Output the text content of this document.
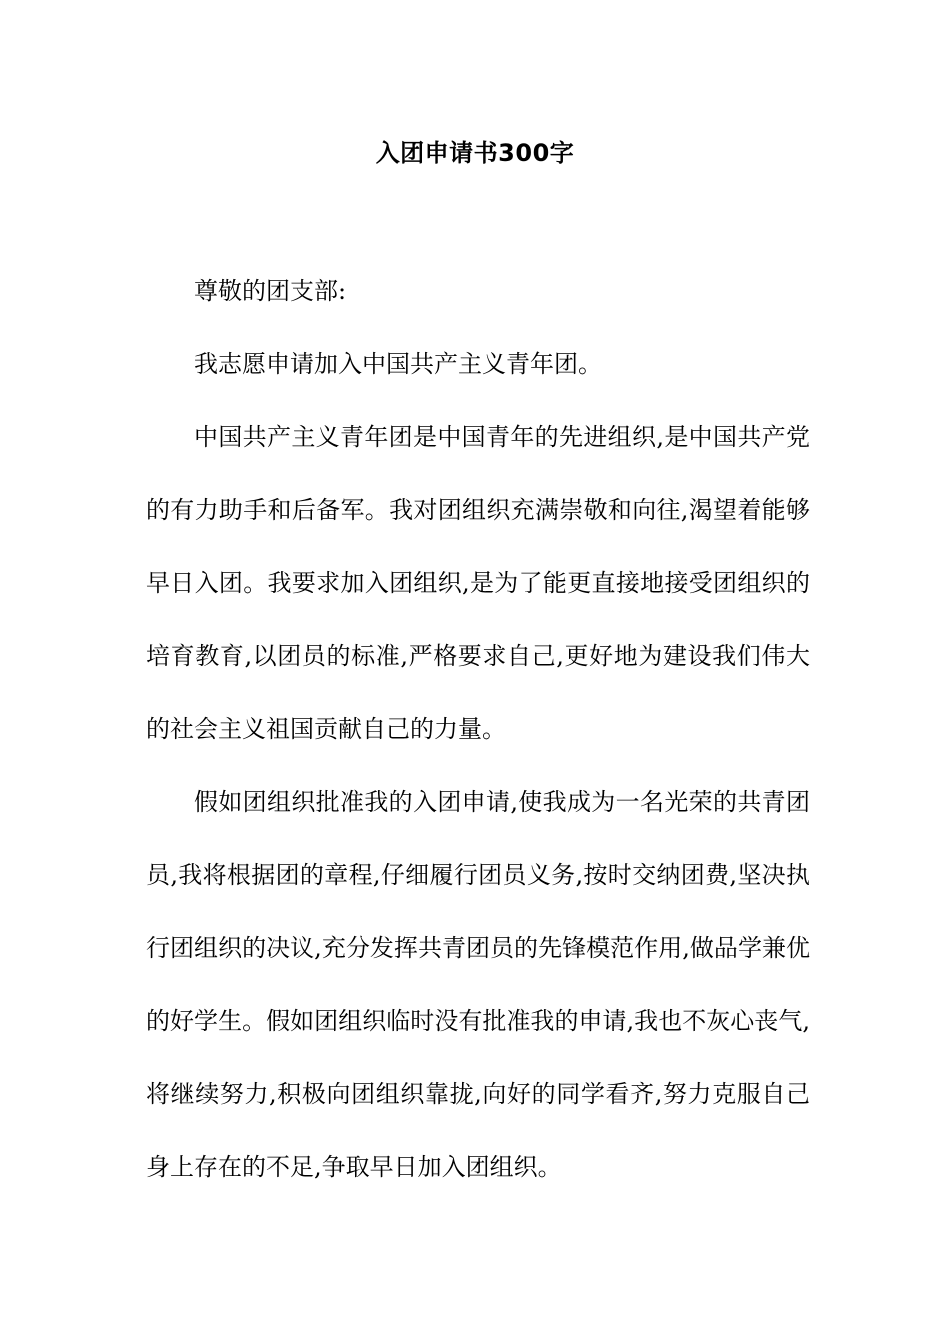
入团申请书300字

尊敬的团支部:

我志愿申请加入中国共产主义青年团。

中国共产主义青年团是中国青年的先进组织,是中国共产党的有力助手和后备军。我对团组织充满崇敬和向往,渴望着能够早日入团。我要求加入团组织,是为了能更直接地接受团组织的培育教育,以团员的标准,严格要求自己,更好地为建设我们伟大的社会主义祖国贡献自己的力量。

假如团组织批准我的入团申请,使我成为一名光荣的共青团员,我将根据团的章程,仔细履行团员义务,按时交纳团费,坚决执行团组织的决议,充分发挥共青团员的先锋模范作用,做品学兼优的好学生。假如团组织临时没有批准我的申请,我也不灰心丧气,将继续努力,积极向团组织靠拢,向好的同学看齐,努力克服自己身上存在的不足,争取早日加入团组织。
